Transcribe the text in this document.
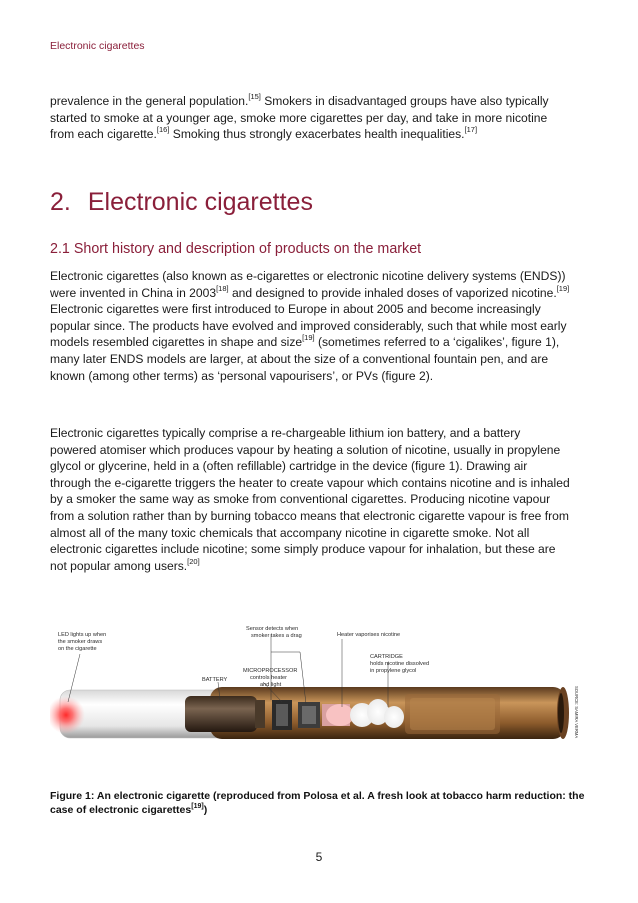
Electronic cigarettes

prevalence in the general population.[15] Smokers in disadvantaged groups have also typically started to smoke at a younger age, smoke more cigarettes per day, and take in more nicotine from each cigarette.[16] Smoking thus strongly exacerbates health inequalities.[17]

2. Electronic cigarettes
2.1 Short history and description of products on the market

Electronic cigarettes (also known as e-cigarettes or electronic nicotine delivery systems (ENDS)) were invented in China in 2003[18] and designed to provide inhaled doses of vaporized nicotine.[19] Electronic cigarettes were first introduced to Europe in about 2005 and become increasingly popular since. The products have evolved and improved considerably, such that while most early models resembled cigarettes in shape and size[19] (sometimes referred to a ‘cigalikes’, figure 1), many later ENDS models are larger, at about the size of a conventional fountain pen, and are known (among other terms) as ‘personal vapourisers’, or PVs (figure 2).

Electronic cigarettes typically comprise a re-chargeable lithium ion battery, and a battery powered atomiser which produces vapour by heating a solution of nicotine, usually in propylene glycol or glycerine, held in a (often refillable) cartridge in the device (figure 1). Drawing air through the e-cigarette triggers the heater to create vapour which contains nicotine and is inhaled by a smoker the same way as smoke from conventional cigarettes. Producing nicotine vapour from a solution rather than by burning tobacco means that electronic cigarette vapour is free from almost all of the many toxic chemicals that accompany nicotine in cigarette smoke. Not all electronic cigarettes include nicotine; some simply produce vapour for inhalation, but these are not popular among users.[20]

LED lights up when
the smoker draws
on the cigarette
BATTERY
Sensor detects when
smoker takes a drag	Heater vaporises nicotine
MICROPROCESSOR
controls heater
and light
CARTRIDGE
holds nicotine dissolved
in propylene glycol
SOURCE: SAMIRA VERMA
Figure 1: An electronic cigarette (reproduced from Polosa et al. A fresh look at tobacco harm reduction: the case of electronic cigarettes[19])
5
